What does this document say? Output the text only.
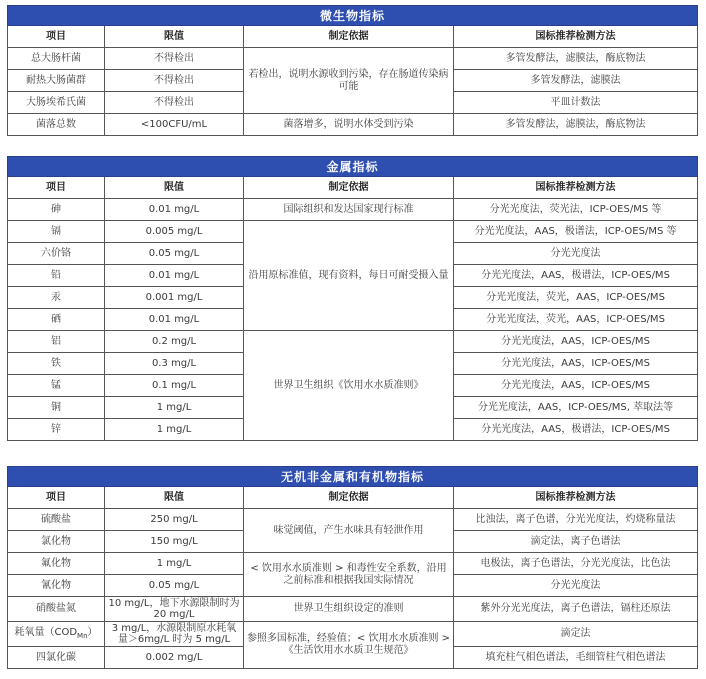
微生物指标			
项目	限值	制定依据	国标推荐检测方法
总大肠杆菌	不得检出	若检出，说明水源收到污染，存在肠道传染病可能	多管发酵法，滤膜法，酶底物法
耐热大肠菌群	不得检出		多管发酵法，滤膜法
大肠埃希氏菌	不得检出		平皿计数法
菌落总数	<100CFU/mL	菌落增多，说明水体受到污染	多管发酵法，滤膜法，酶底物法
金属指标			
项目	限值	制定依据	国标推荐检测方法
砷	0.01 mg/L	国际组织和发达国家现行标准	分光光度法，荧光法，ICP-OES/MS 等
镉	0.005 mg/L	沿用原标准值，现有资料，每日可耐受摄入量	分光光度法，AAS，极谱法，ICP-OES/MS 等
六价铬	0.05 mg/L		分光光度法
铅	0.01 mg/L		分光光度法，AAS，极谱法，ICP-OES/MS
汞	0.001 mg/L		分光光度法，荧光，AAS，ICP-OES/MS
硒	0.01 mg/L		分光光度法，荧光，AAS，ICP-OES/MS
铝	0.2 mg/L	世界卫生组织《饮用水水质准则》	分光光度法，AAS，ICP-OES/MS
铁	0.3 mg/L		分光光度法，AAS，ICP-OES/MS
锰	0.1 mg/L		分光光度法，AAS，ICP-OES/MS
铜	1 mg/L		分光光度法，AAS，ICP-OES/MS, 萃取法等
锌	1 mg/L		分光光度法，AAS，极谱法，ICP-OES/MS
无机非金属和有机物指标			
项目	限值	制定依据	国标推荐检测方法
硫酸盐	250 mg/L	味觉阈值，产生水味具有轻泄作用	比浊法，离子色谱，分光光度法，灼烧称量法
氯化物	150 mg/L		滴定法，离子色谱法
氟化物	1 mg/L	< 饮用水水质准则 > 和毒性安全系数，沿用之前标准和根据我国实际情况	电极法，离子色谱法，分光光度法，比色法
氰化物	0.05 mg/L		分光光度法
硝酸盐氮	10 mg/L，地下水源限制时为 20 mg/L	世界卫生组织设定的准则	紫外分光光度法，离子色谱法，镉柱还原法
耗氧量$(COD_{Mn})$	3 mg/L，水源限制原水耗氧量＞6mg/L 时为 5 mg/L	参照多国标准，经验值；< 饮用水水质准则 > 《生活饮用水水质卫生规范》	滴定法
四氯化碳	0.002 mg/L		填充柱气相色谱法，毛细管柱气相色谱法
